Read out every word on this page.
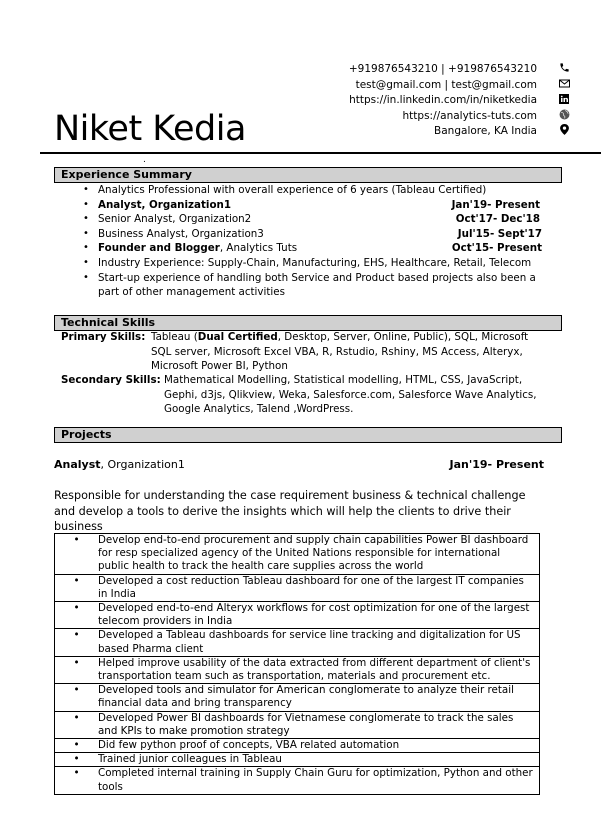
+919876543210 | +919876543210
test@gmail.com | test@gmail.com
https://in.linkedin.com/in/niketkedia
https://analytics-tuts.com
Bangalore, KA India
Niket Kedia
.
Experience Summary
• Analytics Professional with overall experience of 6 years (Tableau Certified)
• Analyst, Organization1	Jan'19- Present
• Senior Analyst, Organization2	Oct'17- Dec'18
• Business Analyst, Organization3	Jul'15- Sept'17
• Founder and Blogger, Analytics Tuts	Oct'15- Present
• Industry Experience: Supply-Chain, Manufacturing, EHS, Healthcare, Retail, Telecom
• Start-up experience of handling both Service and Product based projects also been a part of other management activities
Technical Skills
Primary Skills: Tableau (Dual Certified, Desktop, Server, Online, Public), SQL, Microsoft SQL server, Microsoft Excel VBA, R, Rstudio, Rshiny, MS Access, Alteryx, Microsoft Power BI, Python
Secondary Skills: Mathematical Modelling, Statistical modelling, HTML, CSS, JavaScript, Gephi, d3js, Qlikview, Weka, Salesforce.com, Salesforce Wave Analytics, Google Analytics, Talend ,WordPress.
Projects
Analyst, Organization1	Jan'19- Present
Responsible for understanding the case requirement business & technical challenge and develop a tools to derive the insights which will help the clients to drive their business
•	Develop end-to-end procurement and supply chain capabilities Power BI dashboard for resp specialized agency of the United Nations responsible for international public health to track the health care supplies across the world

•	Developed a cost reduction Tableau dashboard for one of the largest IT companies in India

•	Developed end-to-end Alteryx workflows for cost optimization for one of the largest telecom providers in India

•	Developed a Tableau dashboards for service line tracking and digitalization for US based Pharma client

•	Helped improve usability of the data extracted from different department of client's transportation team such as transportation, materials and procurement etc.

•	Developed tools and simulator for American conglomerate to analyze their retail financial data and bring transparency

•	Developed Power BI dashboards for Vietnamese conglomerate to track the sales and KPIs to make promotion strategy

•	Did few python proof of concepts, VBA related automation

•	Trained junior colleagues in Tableau

•	Completed internal training in Supply Chain Guru for optimization, Python and other tools
